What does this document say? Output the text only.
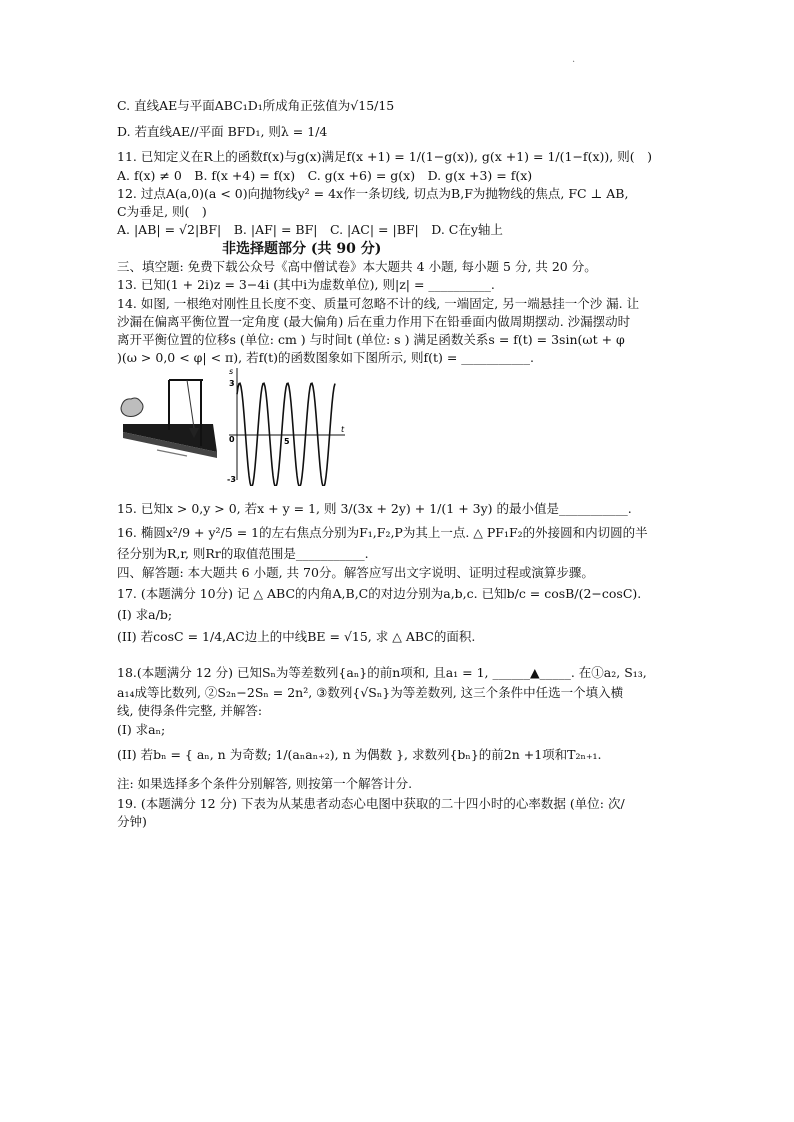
.
C. 直线AE与平面ABC₁D₁所成角正弦值为√15/15
D. 若直线AE//平面 BFD₁, 则λ = 1/4
11. 已知定义在R上的函数f(x)与g(x)满足f(x +1) = 1/(1−g(x)), g(x +1) = 1/(1−f(x)), 则(　)
A. f(x) ≠ 0　B. f(x +4) = f(x)　C. g(x +6) = g(x)　D. g(x +3) = f(x)
12. 过点A(a,0)(a < 0)向抛物线y² = 4x作一条切线, 切点为B,F为抛物线的焦点, FC ⊥ AB,
C为垂足, 则(　)
A. |AB| = √2|BF|　B. |AF| = BF|　C. |AC| = |BF|　D. C在y轴上
非选择题部分 (共 90 分)
三、填空题: 免费下载公众号《高中僧试卷》本大题共 4 小题, 每小题 5 分, 共 20 分。
13. 已知(1 + 2i)z = 3−4i (其中i为虚数单位), 则|z| = __________.
14. 如图, 一根绝对刚性且长度不变、质量可忽略不计的线, 一端固定, 另一端悬挂一个沙 漏. 让
沙漏在偏离平衡位置一定角度 (最大偏角) 后在重力作用下在铅垂面内做周期摆动. 沙漏摆动时
离开平衡位置的位移s (单位: cm ) 与时间t (单位: s ) 满足函数关系s = f(t) = 3sin(ωt + φ
)(ω > 0,0 < φ| < π), 若f(t)的函数图象如下图所示, 则f(t) = ___________.
s
t
0
3
-3
5
15. 已知x > 0,y > 0, 若x + y = 1, 则 3/(3x + 2y) + 1/(1 + 3y) 的最小值是___________.
16. 椭圆x²/9 + y²/5 = 1的左右焦点分别为F₁,F₂,P为其上一点. △ PF₁F₂的外接圆和内切圆的半
径分别为R,r, 则Rr的取值范围是___________.
四、解答题: 本大题共 6 小题, 共 70分。解答应写出文字说明、证明过程或演算步骤。
17. (本题满分 10分) 记 △ ABC的内角A,B,C的对边分别为a,b,c. 已知b/c = cosB/(2−cosC).
(I) 求a/b;
(II) 若cosC = 1/4,AC边上的中线BE = √15, 求 △ ABC的面积.
18.(本题满分 12 分) 已知Sₙ为等差数列{aₙ}的前n项和, 且a₁ = 1, ______▲_____. 在①a₂, S₁₃,
a₁₄成等比数列, ②S₂ₙ−2Sₙ = 2n², ③数列{√Sₙ}为等差数列, 这三个条件中任选一个填入横
线, 使得条件完整, 并解答:
(I) 求aₙ;
(II) 若bₙ = { aₙ, n 为奇数; 1/(aₙaₙ₊₂), n 为偶数 }, 求数列{bₙ}的前2n +1项和T₂ₙ₊₁.
注: 如果选择多个条件分别解答, 则按第一个解答计分.
19. (本题满分 12 分) 下表为从某患者动态心电图中获取的二十四小时的心率数据 (单位: 次/
分钟)
